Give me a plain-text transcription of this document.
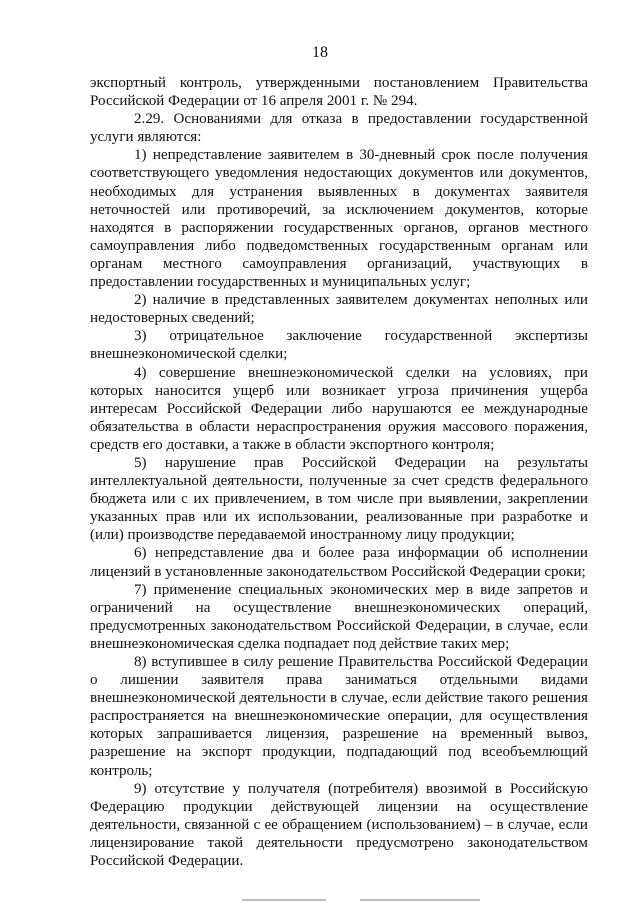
18

экспортный контроль, утвержденными постановлением Правительства Российской Федерации от 16 апреля 2001 г. № 294.

2.29. Основаниями для отказа в предоставлении государственной услуги являются:

1) непредставление заявителем в 30-дневный срок после получения соответствующего уведомления недостающих документов или документов, необходимых для устранения выявленных в документах заявителя неточностей или противоречий, за исключением документов, которые находятся в распоряжении государственных органов, органов местного самоуправления либо подведомственных государственным органам или органам местного самоуправления организаций, участвующих в предоставлении государственных и муниципальных услуг;

2) наличие в представленных заявителем документах неполных или недостоверных сведений;

3) отрицательное заключение государственной экспертизы внешнеэкономической сделки;

4) совершение внешнеэкономической сделки на условиях, при которых наносится ущерб или возникает угроза причинения ущерба интересам Российской Федерации либо нарушаются ее международные обязательства в области нераспространения оружия массового поражения, средств его доставки, а также в области экспортного контроля;

5) нарушение прав Российской Федерации на результаты интеллектуальной деятельности, полученные за счет средств федерального бюджета или с их привлечением, в том числе при выявлении, закреплении указанных прав или их использовании, реализованные при разработке и (или) производстве передаваемой иностранному лицу продукции;

6) непредставление два и более раза информации об исполнении лицензий в установленные законодательством Российской Федерации сроки;

7) применение специальных экономических мер в виде запретов и ограничений на осуществление внешнеэкономических операций, предусмотренных законодательством Российской Федерации, в случае, если внешнеэкономическая сделка подпадает под действие таких мер;

8) вступившее в силу решение Правительства Российской Федерации о лишении заявителя права заниматься отдельными видами внешнеэкономической деятельности в случае, если действие такого решения распространяется на внешнеэкономические операции, для осуществления которых запрашивается лицензия, разрешение на временный вывоз, разрешение на экспорт продукции, подпадающий под всеобъемлющий контроль;

9) отсутствие у получателя (потребителя) ввозимой в Российскую Федерацию продукции действующей лицензии на осуществление деятельности, связанной с ее обращением (использованием) – в случае, если лицензирование такой деятельности предусмотрено законодательством Российской Федерации.
